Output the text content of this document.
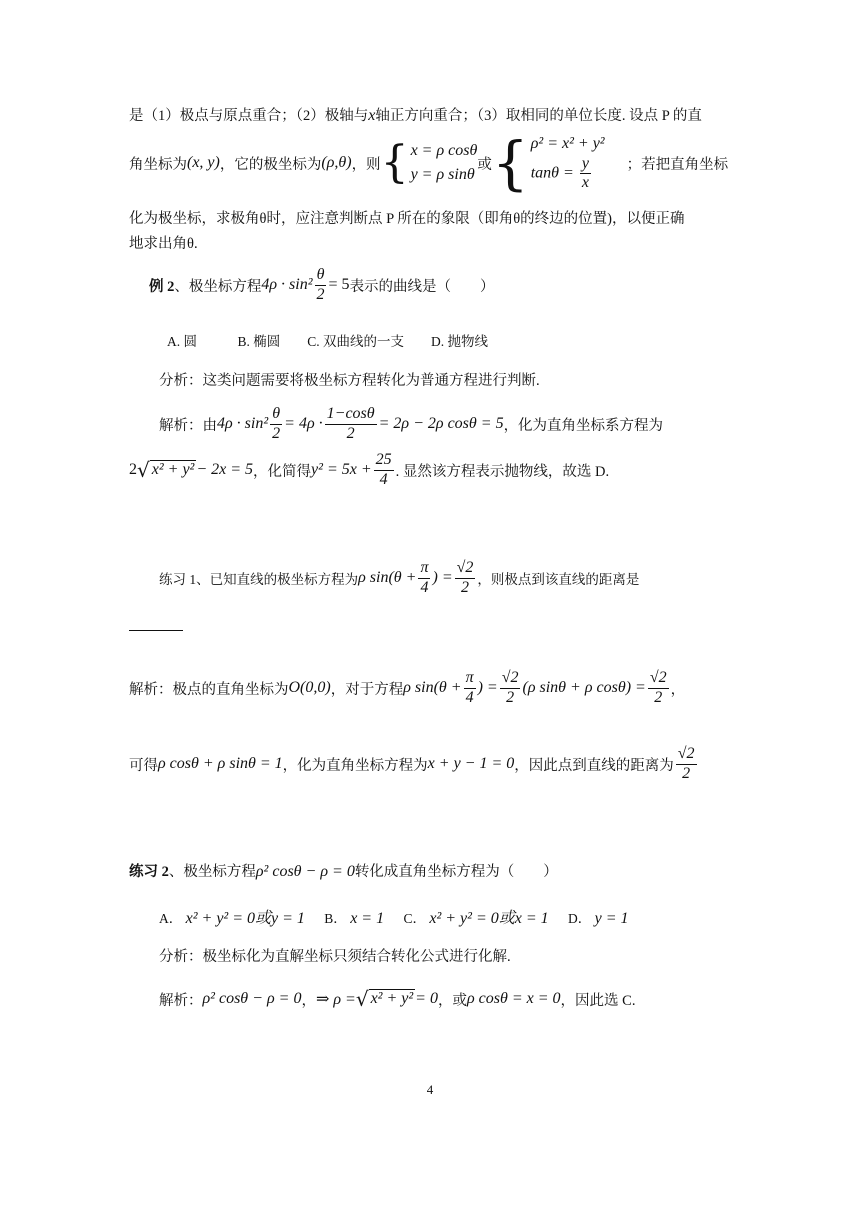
是（1）极点与原点重合；（2）极轴与x轴正方向重合；（3）取相同的单位长度. 设点 P 的直
角坐标为 (x, y) ，它的极坐标为 (ρ,θ) ，则 { x = ρ cosθ
y = ρ sinθ
或 { ρ² = x² + y²
$\tan\theta = \frac{y}{x}$ ；若把直角坐标
化为极坐标，求极角θ时，应注意判断点 P 所在的象限（即角θ的终边的位置)，以便正确
地求出角θ.
例 2 、极坐标方程 $4\rho \cdot \sin^2 \frac{\theta}{2} = 5$ 表示的曲线是（　　）
A. 圆　　　B. 椭圆　　C. 双曲线的一支　　D. 抛物线
分析：这类问题需要将极坐标方程转化为普通方程进行判断.
解析：由 $4\rho \cdot \sin^2 \frac{\theta}{2} = 4\rho \cdot \frac{1-\cos\theta}{2} = 2\rho - 2\rho$ cosθ = 5 ，化为直角坐标系方程为
2 √ x² + y² − 2x = 5 ，化简得 $y^2 = 5x + \frac{25}{4}$ . 显然该方程表示抛物线，故选 D.
练习 1、已知直线的极坐标方程为 ρ $\sin(\theta + \frac{\pi}{4}$ ) = $\frac{√2}{2}$ ，则极点到该直线的距离是
解析：极点的直角坐标为 O(0,0) ，对于方程 ρ $\sin(\theta + \frac{\pi}{4}$ ) = $\frac{√2}{2} (\rho$ sinθ + ρ $\cos\theta) = \frac{√2}{2}$ ，
可得 ρ cosθ + ρ sinθ = 1 ，化为直角坐标方程为 x + y − 1 = 0 ，因此点到直线的距离为 $\frac{√2}{2}$
练习 2、极坐标方程ρ² cosθ − ρ = 0转化成直角坐标方程为（　　）
A． x² + y² = 0或y = 1 B． x = 1 C． x² + y² = 0或x = 1 D． y = 1
分析：极坐标化为直解坐标只须结合转化公式进行化解.
解析： ρ² cosθ − ρ = 0 ， ⇒ ρ = √ x² + y² = 0 ，或 ρ cosθ = x = 0 ，因此选 C.
4
